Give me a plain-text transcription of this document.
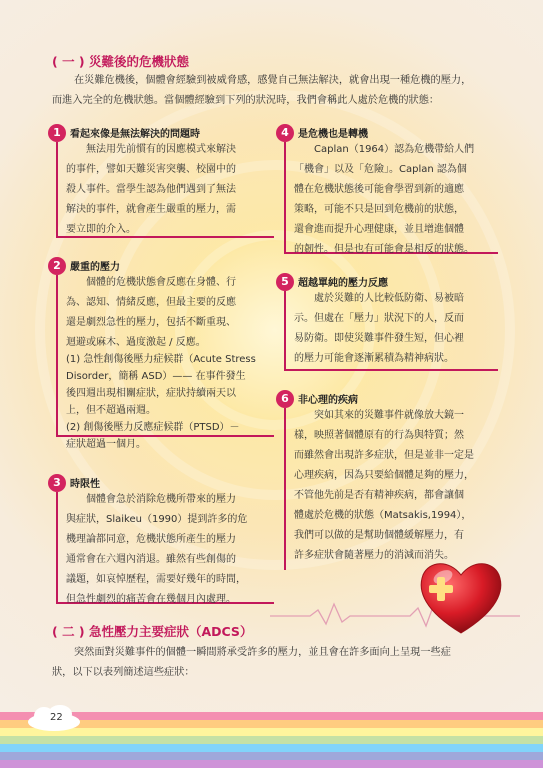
( 一 ) 災難後的危機狀態
在災難危機後，個體會經驗到被威脅感，感覺自己無法解決，就會出現一種危機的壓力，
而進入完全的危機狀態。當個體經驗到下列的狀況時，我們會稱此人處於危機的狀態：
1 看起來像是無法解決的問題時
無法用先前慣有的因應模式來解決
的事件，譬如天難災害突襲、校園中的
殺人事件。當學生認為他們遇到了無法
解決的事件，就會產生嚴重的壓力，需
要立即的介入。
2 嚴重的壓力
個體的危機狀態會反應在身體、行
為、認知、情緒反應，但最主要的反應
還是劇烈急性的壓力，包括不斷重現、
迴避或麻木、過度激起 / 反應。
(1) 急性創傷後壓力症候群（Acute Stress
Disorder，簡稱 ASD）—— 在事件發生
後四週出現相關症狀，症狀持續兩天以
上，但不超過兩週。
(2) 創傷後壓力反應症候群（PTSD）－
症狀超過一個月。
3 時限性
個體會急於消除危機所帶來的壓力
與症狀，Slaikeu（1990）提到許多的危
機理論都同意，危機狀態所產生的壓力
通常會在六週內消退。雖然有些創傷的
議題，如哀悼歷程，需要好幾年的時間，
但急性劇烈的痛苦會在幾個月內處理。
4 是危機也是轉機
Caplan（1964）認為危機帶給人們
「機會」以及「危險」。Caplan 認為個
體在危機狀態後可能會學習到新的適應
策略，可能不只是回到危機前的狀態，
還會進而提升心理健康，並且增進個體
的韌性。但是也有可能會是相反的狀態。
5 超越單純的壓力反應
處於災難的人比較低防衛、易被暗
示。但處在「壓力」狀況下的人，反而
易防衛。即使災難事件發生短，但心裡
的壓力可能會逐漸累積為精神病狀。
6 非心理的疾病
突如其來的災難事件就像放大鏡一
樣，映照著個體原有的行為與特質；然
而雖然會出現許多症狀，但是並非一定是
心理疾病，因為只要給個體足夠的壓力，
不管他先前是否有精神疾病，都會讓個
體處於危機的狀態（Matsakis,1994），
我們可以做的是幫助個體緩解壓力，有
許多症狀會隨著壓力的消減而消失。
( 二 ) 急性壓力主要症狀（ADCS）
突然面對災難事件的個體一瞬間將承受許多的壓力，並且會在許多面向上呈現一些症
狀，以下以表列簡述這些症狀：
22
